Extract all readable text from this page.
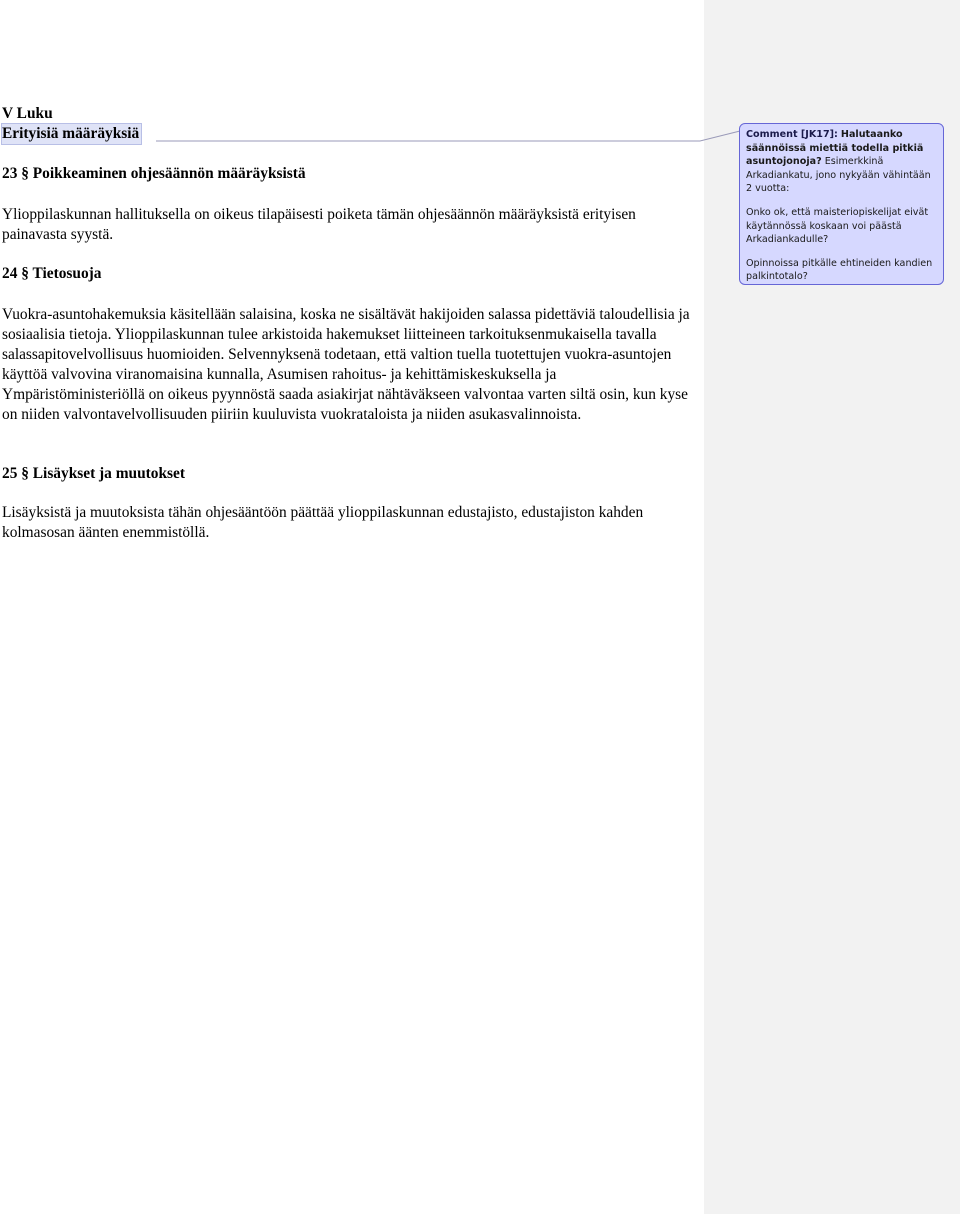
V Luku
Erityisiä määräyksiä
23 § Poikkeaminen ohjesäännön määräyksistä

Ylioppilaskunnan hallituksella on oikeus tilapäisesti poiketa tämän ohjesäännön määräyksistä erityisen painavasta syystä.

24 § Tietosuoja

Vuokra-asuntohakemuksia käsitellään salaisina, koska ne sisältävät hakijoiden salassa pidettäviä taloudellisia ja sosiaalisia tietoja. Ylioppilaskunnan tulee arkistoida hakemukset liitteineen tarkoituksenmukaisella tavalla salassapitovelvollisuus huomioiden. Selvennyksenä todetaan, että valtion tuella tuotettujen vuokra-asuntojen käyttöä valvovina viranomaisina kunnalla, Asumisen rahoitus- ja kehittämiskeskuksella ja Ympäristöministeriöllä on oikeus pyynnöstä saada asiakirjat nähtäväkseen valvontaa varten siltä osin, kun kyse on niiden valvontavelvollisuuden piiriin kuuluvista vuokrataloista ja niiden asukasvalinnoista.

25 § Lisäykset ja muutokset

Lisäyksistä ja muutoksista tähän ohjesääntöön päättää ylioppilaskunnan edustajisto, edustajiston kahden kolmasosan äänten enemmistöllä.

Comment [JK17]: Halutaanko säännöissä miettiä todella pitkiä asuntojonoja? Esimerkkinä Arkadiankatu, jono nykyään vähintään 2 vuotta:

Onko ok, että maisteriopiskelijat eivät käytännössä koskaan voi päästä Arkadiankadulle?

Opinnoissa pitkälle ehtineiden kandien palkintotalo?
